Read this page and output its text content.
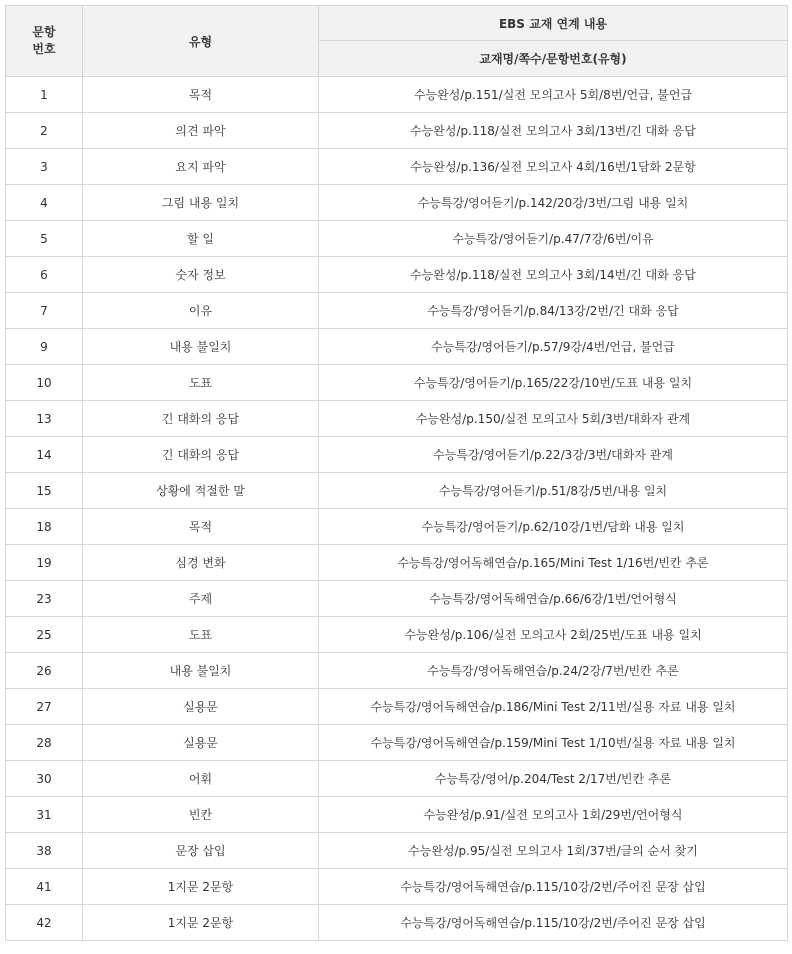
문항
번호	유형	EBS 교재 연계 내용
		교재명/쪽수/문항번호(유형)
1	목적	수능완성/p.151/실전 모의고사 5회/8번/언급, 불언급
2	의견 파악	수능완성/p.118/실전 모의고사 3회/13번/긴 대화 응답
3	요지 파악	수능완성/p.136/실전 모의고사 4회/16번/1담화 2문항
4	그림 내용 일치	수능특강/영어듣기/p.142/20강/3번/그림 내용 일치
5	할 일	수능특강/영어듣기/p.47/7강/6번/이유
6	숫자 정보	수능완성/p.118/실전 모의고사 3회/14번/긴 대화 응답
7	이유	수능특강/영어듣기/p.84/13강/2번/긴 대화 응답
9	내용 불일치	수능특강/영어듣기/p.57/9강/4번/언급, 불언급
10	도표	수능특강/영어듣기/p.165/22강/10번/도표 내용 일치
13	긴 대화의 응답	수능완성/p.150/실전 모의고사 5회/3번/대화자 관계
14	긴 대화의 응답	수능특강/영어듣기/p.22/3강/3번/대화자 관계
15	상황에 적절한 말	수능특강/영어듣기/p.51/8강/5번/내용 일치
18	목적	수능특강/영어듣기/p.62/10강/1번/담화 내용 일치
19	심경 변화	수능특강/영어독해연습/p.165/Mini Test 1/16번/빈칸 추론
23	주제	수능특강/영어독해연습/p.66/6강/1번/언어형식
25	도표	수능완성/p.106/실전 모의고사 2회/25번/도표 내용 일치
26	내용 불일치	수능특강/영어독해연습/p.24/2강/7번/빈칸 추론
27	실용문	수능특강/영어독해연습/p.186/Mini Test 2/11번/실용 자료 내용 일치
28	실용문	수능특강/영어독해연습/p.159/Mini Test 1/10번/실용 자료 내용 일치
30	어휘	수능특강/영어/p.204/Test 2/17번/빈칸 추론
31	빈칸	수능완성/p.91/실전 모의고사 1회/29번/언어형식
38	문장 삽입	수능완성/p.95/실전 모의고사 1회/37번/글의 순서 찾기
41	1지문 2문항	수능특강/영어독해연습/p.115/10강/2번/주어진 문장 삽입
42	1지문 2문항	수능특강/영어독해연습/p.115/10강/2번/주어진 문장 삽입
